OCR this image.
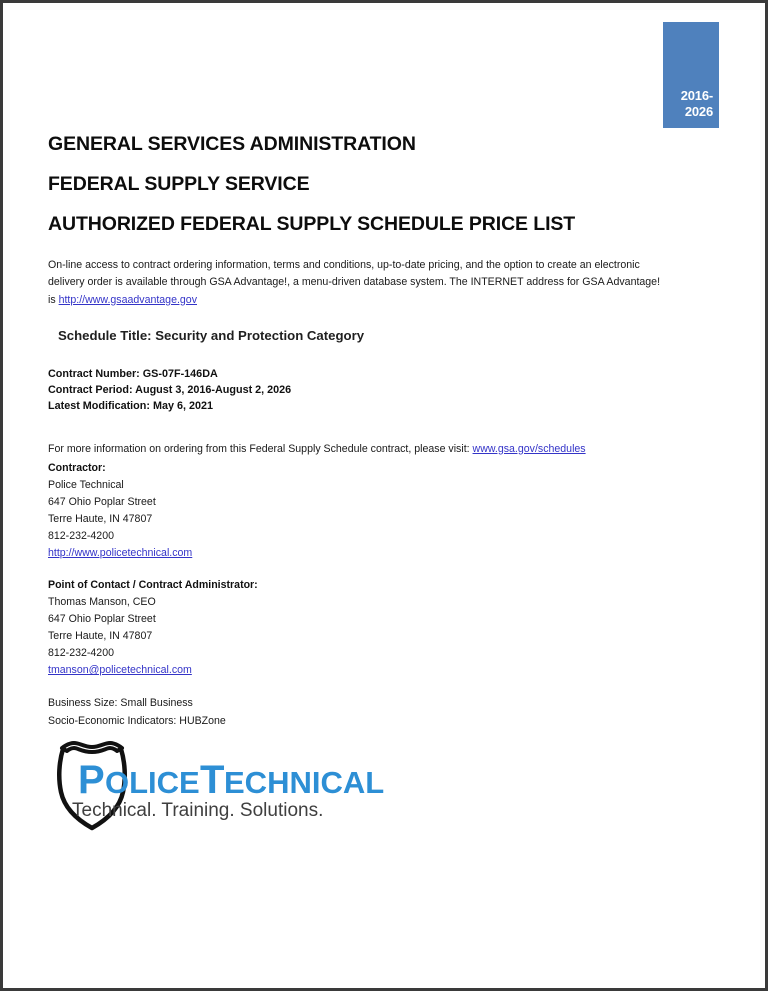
2016-
2026
GENERAL SERVICES ADMINISTRATION
FEDERAL SUPPLY SERVICE
AUTHORIZED FEDERAL SUPPLY SCHEDULE PRICE LIST

On-line access to contract ordering information, terms and conditions, up-to-date pricing, and the option to create an electronic delivery order is available through GSA Advantage!, a menu-driven database system. The INTERNET address for GSA Advantage! is http://www.gsaadvantage.gov

Schedule Title: Security and Protection Category
Contract Number: GS-07F-146DA
Contract Period: August 3, 2016-August 2, 2026
Latest Modification: May 6, 2021

For more information on ordering from this Federal Supply Schedule contract, please visit: www.gsa.gov/schedules

Contractor:
Police Technical
647 Ohio Poplar Street
Terre Haute, IN 47807
812-232-4200
http://www.policetechnical.com
Point of Contact / Contract Administrator:
Thomas Manson, CEO
647 Ohio Poplar Street
Terre Haute, IN 47807
812-232-4200
tmanson@policetechnical.com
Business Size: Small Business
Socio-Economic Indicators: HUBZone
P OLICE T ECHNICAL
Technical. Training. Solutions.
